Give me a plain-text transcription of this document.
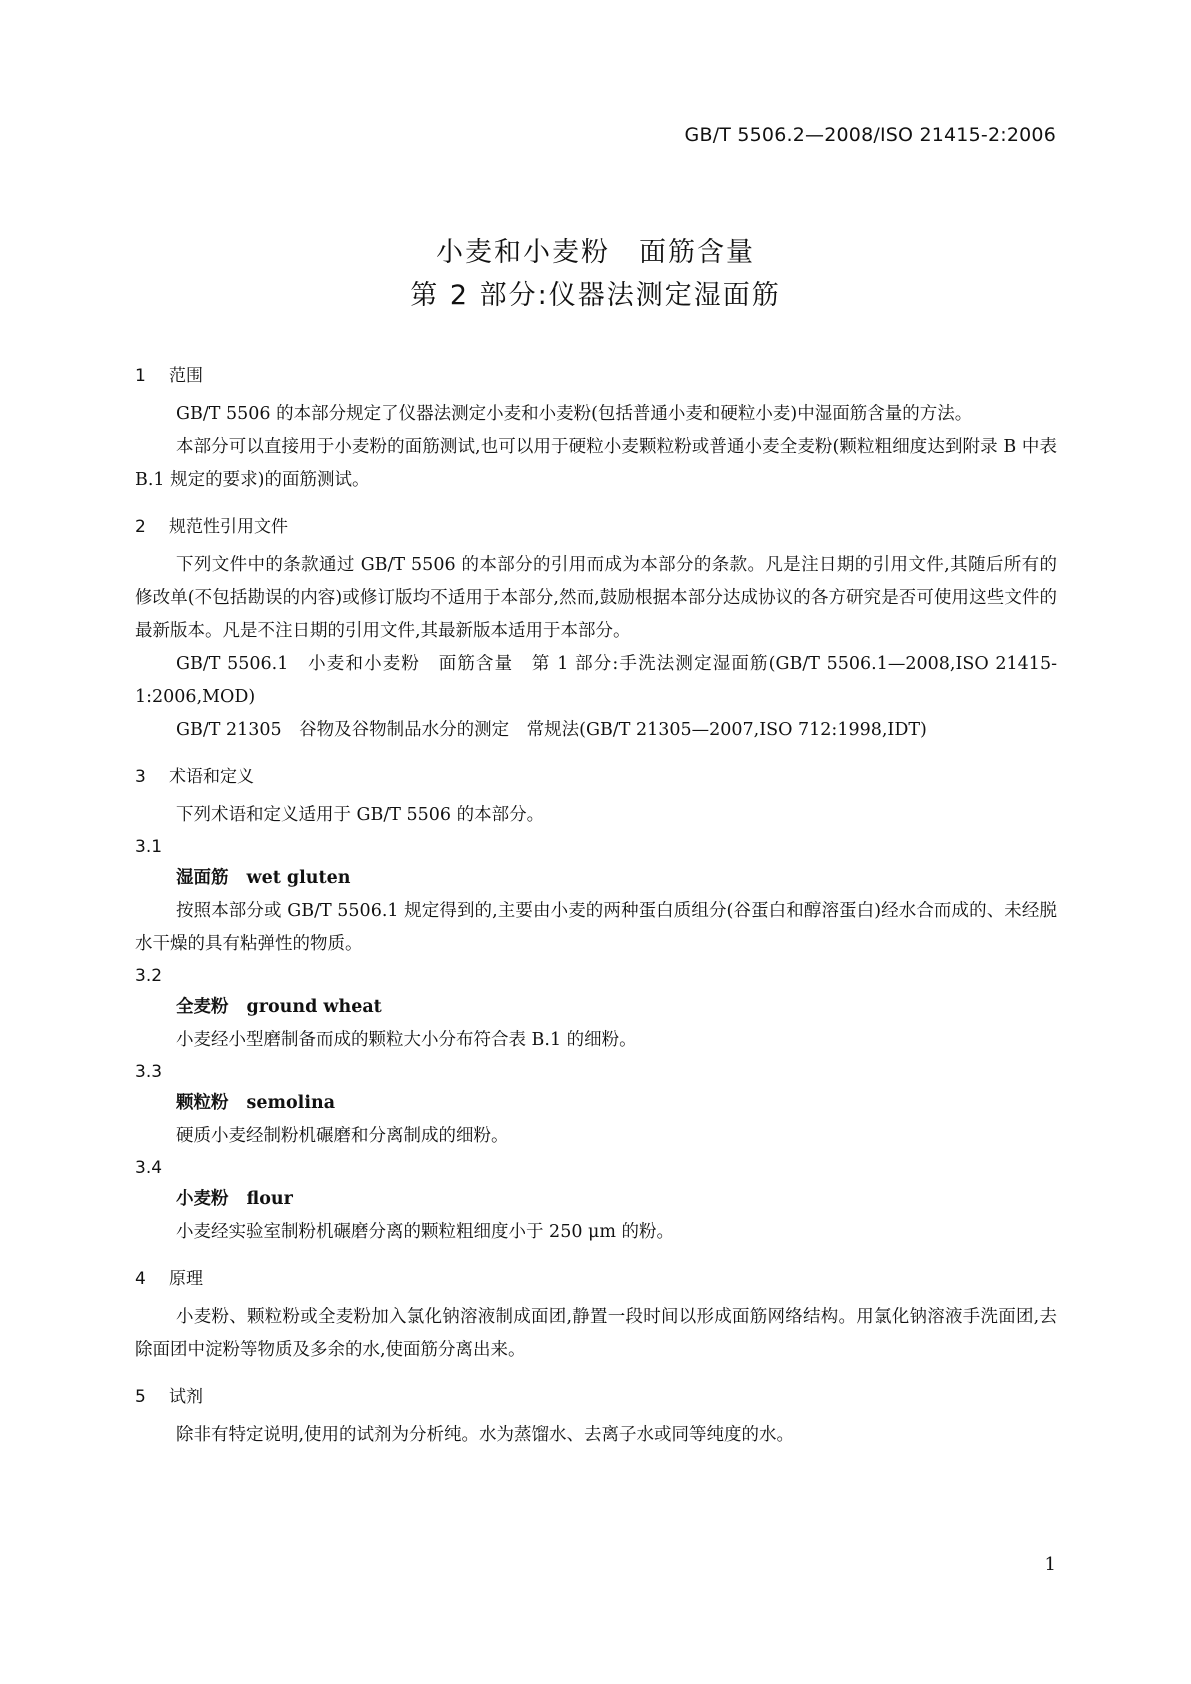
GB/T 5506.2—2008/ISO 21415-2:2006
小麦和小麦粉　面筋含量
第 2 部分:仪器法测定湿面筋
1 范围

GB/T 5506 的本部分规定了仪器法测定小麦和小麦粉(包括普通小麦和硬粒小麦)中湿面筋含量的方法。

本部分可以直接用于小麦粉的面筋测试,也可以用于硬粒小麦颗粒粉或普通小麦全麦粉(颗粒粗细度达到附录 B 中表 B.1 规定的要求)的面筋测试。

2 规范性引用文件

下列文件中的条款通过 GB/T 5506 的本部分的引用而成为本部分的条款。凡是注日期的引用文件,其随后所有的修改单(不包括勘误的内容)或修订版均不适用于本部分,然而,鼓励根据本部分达成协议的各方研究是否可使用这些文件的最新版本。凡是不注日期的引用文件,其最新版本适用于本部分。

GB/T 5506.1　小麦和小麦粉　面筋含量　第 1 部分:手洗法测定湿面筋(GB/T 5506.1—2008,ISO 21415-1:2006,MOD)

GB/T 21305　谷物及谷物制品水分的测定　常规法(GB/T 21305—2007,ISO 712:1998,IDT)

3 术语和定义

下列术语和定义适用于 GB/T 5506 的本部分。

3.1
湿面筋 wet gluten

按照本部分或 GB/T 5506.1 规定得到的,主要由小麦的两种蛋白质组分(谷蛋白和醇溶蛋白)经水合而成的、未经脱水干燥的具有粘弹性的物质。

3.2
全麦粉 ground wheat

小麦经小型磨制备而成的颗粒大小分布符合表 B.1 的细粉。

3.3
颗粒粉 semolina

硬质小麦经制粉机碾磨和分离制成的细粉。

3.4
小麦粉 flour

小麦经实验室制粉机碾磨分离的颗粒粗细度小于 250 μm 的粉。

4 原理

小麦粉、颗粒粉或全麦粉加入氯化钠溶液制成面团,静置一段时间以形成面筋网络结构。用氯化钠溶液手洗面团,去除面团中淀粉等物质及多余的水,使面筋分离出来。

5 试剂

除非有特定说明,使用的试剂为分析纯。水为蒸馏水、去离子水或同等纯度的水。

1
